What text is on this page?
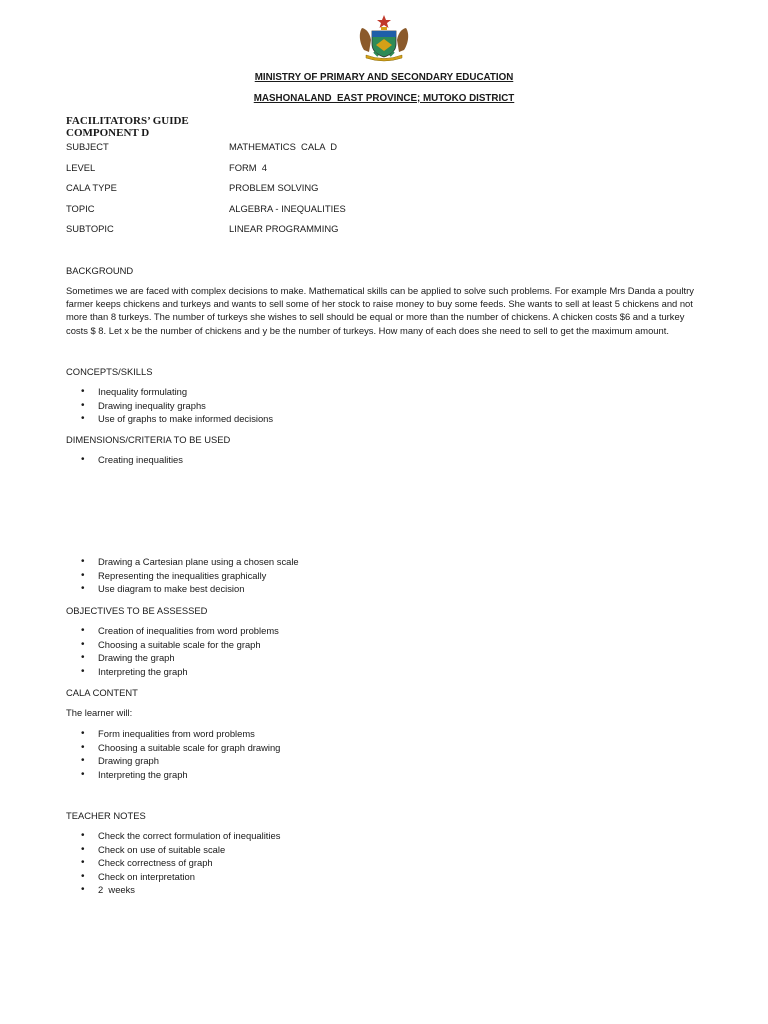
MINISTRY OF PRIMARY AND SECONDARY EDUCATION
MASHONALAND  EAST PROVINCE; MUTOKO DISTRICT
FACILITATORS’ GUIDE
COMPONENT D
SUBJECT	MATHEMATICS  CALA  D
LEVEL	FORM  4
CALA TYPE	PROBLEM SOLVING
TOPIC	ALGEBRA - INEQUALITIES
SUBTOPIC	LINEAR PROGRAMMING
BACKGROUND
Sometimes we are faced with complex decisions to make. Mathematical skills can be applied to solve such problems. For example Mrs Danda a poultry farmer keeps chickens and turkeys and wants to sell some of her stock to raise money to buy some feeds. She wants to sell at least 5 chickens and not more than 8 turkeys. The number of turkeys she wishes to sell should be equal or more than the number of chickens. A chicken costs $6 and a turkey costs $ 8. Let x be the number of chickens and y be the number of turkeys. How many of each does she need to sell to get the maximum amount.
CONCEPTS/SKILLS
• Inequality formulating
• Drawing inequality graphs
• Use of graphs to make informed decisions
DIMENSIONS/CRITERIA TO BE USED
• Creating inequalities
• Drawing a Cartesian plane using a chosen scale
• Representing the inequalities graphically
• Use diagram to make best decision
OBJECTIVES TO BE ASSESSED
• Creation of inequalities from word problems
• Choosing a suitable scale for the graph
• Drawing the graph
• Interpreting the graph
CALA CONTENT
The learner will:
• Form inequalities from word problems
• Choosing a suitable scale for graph drawing
• Drawing graph
• Interpreting the graph
TEACHER NOTES
• Check the correct formulation of inequalities
• Check on use of suitable scale
• Check correctness of graph
• Check on interpretation
• 2  weeks
